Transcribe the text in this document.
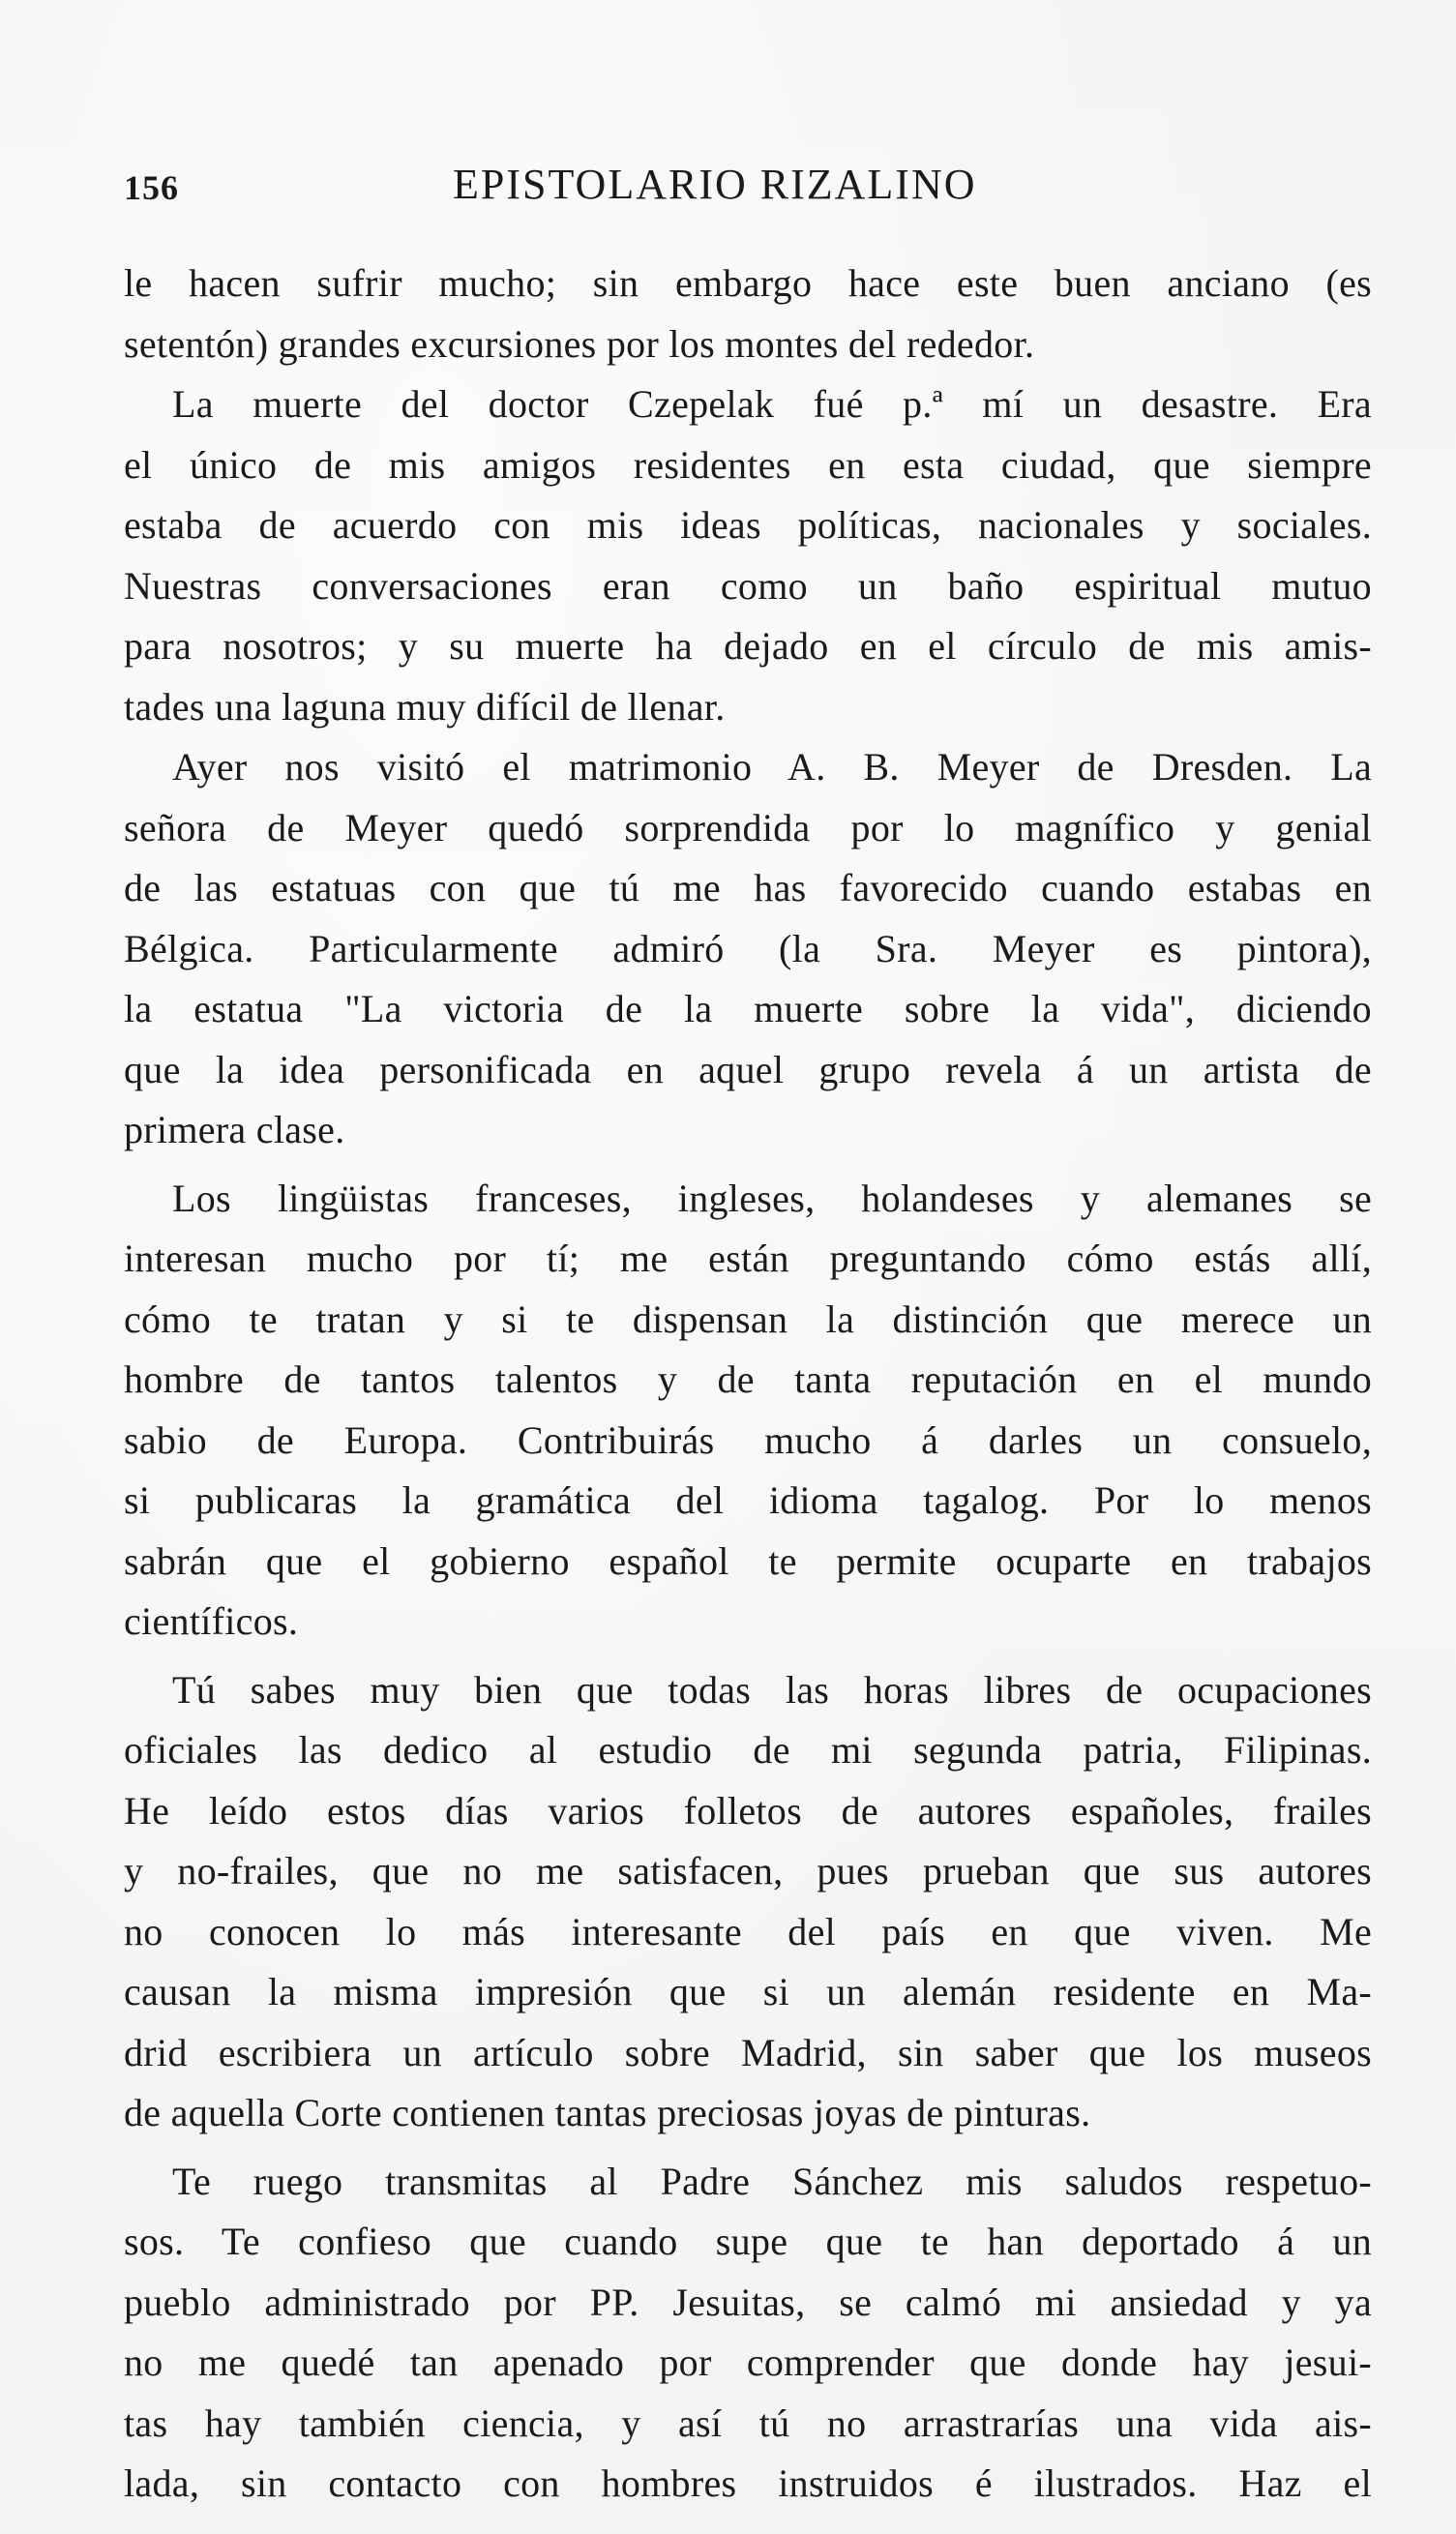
156	EPISTOLARIO RIZALINO
le hacen sufrir mucho; sin embargo hace este buen anciano (es
setentón) grandes excursiones por los montes del rededor.
La muerte del doctor Czepelak fué p.ª mí un desastre. Era
el único de mis amigos residentes en esta ciudad, que siempre
estaba de acuerdo con mis ideas políticas, nacionales y sociales.
Nuestras conversaciones eran como un baño espiritual mutuo
para nosotros; y su muerte ha dejado en el círculo de mis amis-
tades una laguna muy difícil de llenar.
Ayer nos visitó el matrimonio A. B. Meyer de Dresden. La
señora de Meyer quedó sorprendida por lo magnífico y genial
de las estatuas con que tú me has favorecido cuando estabas en
Bélgica. Particularmente admiró (la Sra. Meyer es pintora),
la estatua "La victoria de la muerte sobre la vida", diciendo
que la idea personificada en aquel grupo revela á un artista de
primera clase.
Los lingüistas franceses, ingleses, holandeses y alemanes se
interesan mucho por tí; me están preguntando cómo estás allí,
cómo te tratan y si te dispensan la distinción que merece un
hombre de tantos talentos y de tanta reputación en el mundo
sabio de Europa. Contribuirás mucho á darles un consuelo,
si publicaras la gramática del idioma tagalog. Por lo menos
sabrán que el gobierno español te permite ocuparte en trabajos
científicos.
Tú sabes muy bien que todas las horas libres de ocupaciones
oficiales las dedico al estudio de mi segunda patria, Filipinas.
He leído estos días varios folletos de autores españoles, frailes
y no-frailes, que no me satisfacen, pues prueban que sus autores
no conocen lo más interesante del país en que viven. Me
causan la misma impresión que si un alemán residente en Ma-
drid escribiera un artículo sobre Madrid, sin saber que los museos
de aquella Corte contienen tantas preciosas joyas de pinturas.
Te ruego transmitas al Padre Sánchez mis saludos respetuo-
sos. Te confieso que cuando supe que te han deportado á un
pueblo administrado por PP. Jesuitas, se calmó mi ansiedad y ya
no me quedé tan apenado por comprender que donde hay jesui-
tas hay también ciencia, y así tú no arrastrarías una vida ais-
lada, sin contacto con hombres instruidos é ilustrados. Haz el
